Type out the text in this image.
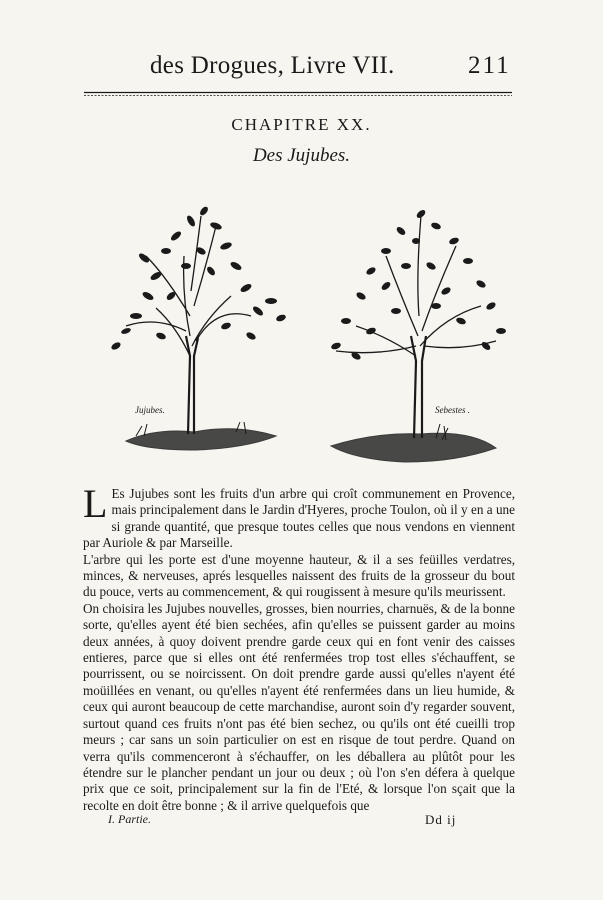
des Drogues, Livre VII.	211
CHAPITRE XX.
Des Jujubes.
Jujubes.	Sebestes .

L Es Jujubes sont les fruits d'un arbre qui croît communement en Provence, mais principalement dans le Jardin d'Hyeres, proche Toulon, où il y en a une si grande quantité, que presque toutes celles que nous vendons en viennent par Auriole & par Marseille.

L'arbre qui les porte est d'une moyenne hauteur, & il a ses feüilles verdatres, minces, & nerveuses, aprés lesquelles naissent des fruits de la grosseur du bout du pouce, verts au commencement, & qui rougissent à mesure qu'ils meurissent.

On choisira les Jujubes nouvelles, grosses, bien nourries, charnuës, & de la bonne sorte, qu'elles ayent été bien sechées, afin qu'elles se puissent garder au moins deux années, à quoy doivent prendre garde ceux qui en font venir des caisses entieres, parce que si elles ont été renfermées trop tost elles s'échauffent, se pourrissent, ou se noircissent. On doit prendre garde aussi qu'elles n'ayent été moüillées en venant, ou qu'elles n'ayent été renfermées dans un lieu humide, & ceux qui auront beaucoup de cette marchandise, auront soin d'y regarder souvent, surtout quand ces fruits n'ont pas été bien sechez, ou qu'ils ont été cueilli trop meurs ; car sans un soin particulier on est en risque de tout perdre. Quand on verra qu'ils commenceront à s'échauffer, on les déballera au plûtôt pour les étendre sur le plancher pendant un jour ou deux ; où l'on s'en défera à quelque prix que ce soit, principalement sur la fin de l'Eté, & lorsque l'on sçait que la recolte en doit être bonne ; & il arrive quelquefois que

I. Partie.	Dd ij
